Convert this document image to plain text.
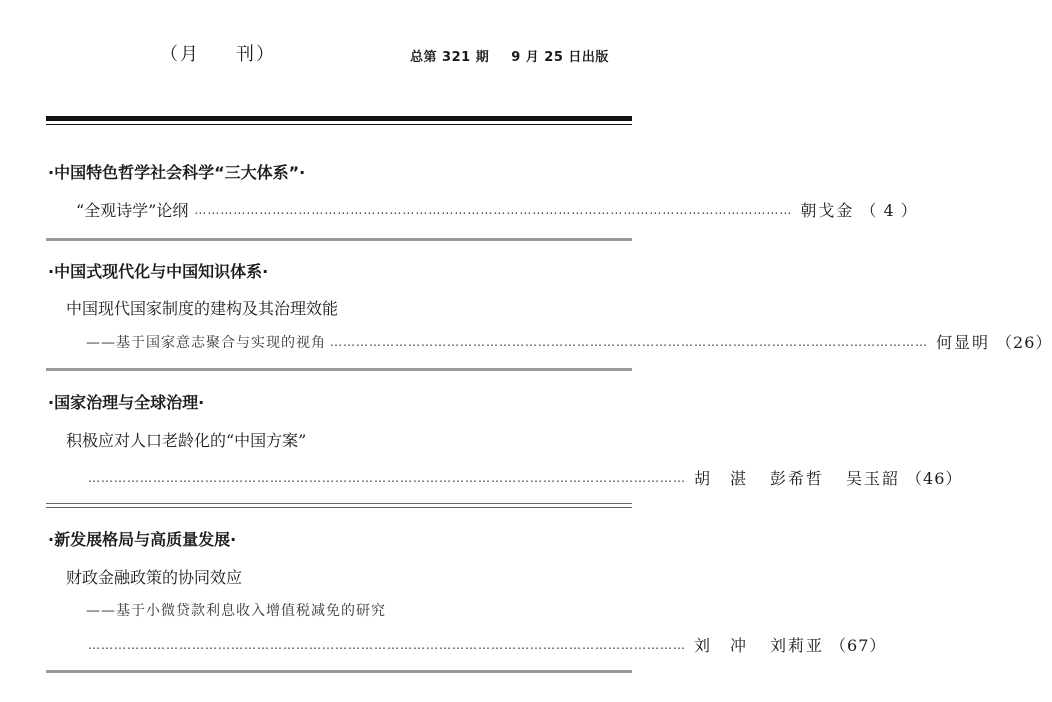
（月 刊）	总第 321 期 9 月 25 日出版
·中国特色哲学社会科学“三大体系”·
“全观诗学”论纲 ………………………………………………………………………………………………………………………… 朝戈金 （ 4 ）
·中国式现代化与中国知识体系·
中国现代国家制度的建构及其治理效能
——基于国家意志聚合与实现的视角 ………………………………………………………………………………………………………………………… 何显明 （26）
·国家治理与全球治理·
积极应对人口老龄化的“中国方案”
………………………………………………………………………………………………………………………… 胡　湛 彭希哲 吴玉韶 （46）
·新发展格局与高质量发展·
财政金融政策的协同效应
——基于小微贷款利息收入增值税减免的研究
………………………………………………………………………………………………………………………… 刘　冲 刘莉亚 （67）
